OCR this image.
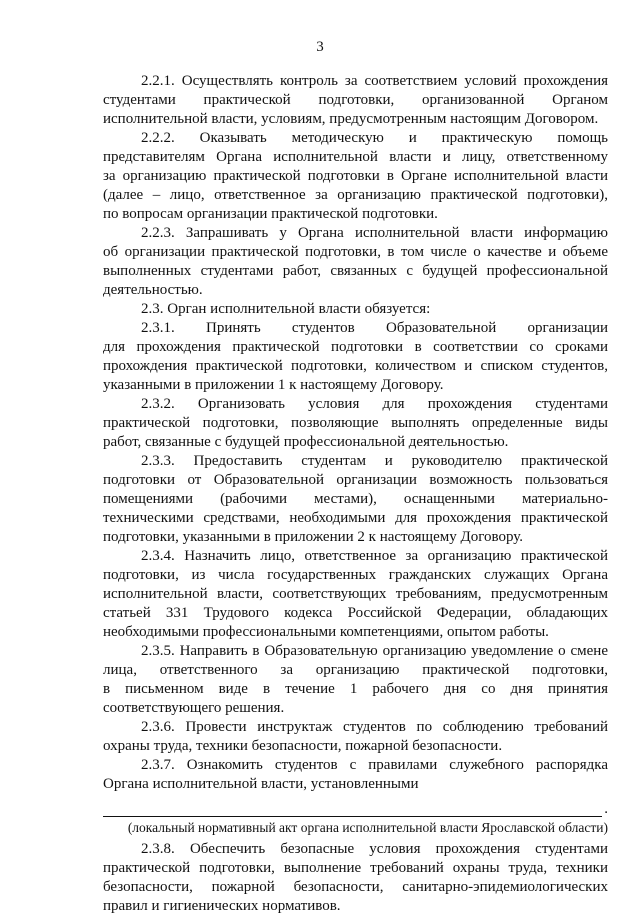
3

2.2.1. Осуществлять контроль за соответствием условий прохождения

студентами практической подготовки, организованной Органом

исполнительной власти, условиям, предусмотренным настоящим Договором.

2.2.2. Оказывать методическую и практическую помощь

представителям Органа исполнительной власти и лицу, ответственному

за организацию практической подготовки в Органе исполнительной власти

(далее – лицо, ответственное за организацию практической подготовки),

по вопросам организации практической подготовки.

2.2.3. Запрашивать у Органа исполнительной власти информацию

об организации практической подготовки, в том числе о качестве и объеме

выполненных студентами работ, связанных с будущей профессиональной

деятельностью.

2.3. Орган исполнительной власти обязуется:

2.3.1. Принять студентов Образовательной организации

для прохождения практической подготовки в соответствии со сроками

прохождения практической подготовки, количеством и списком студентов,

указанными в приложении 1 к настоящему Договору.

2.3.2. Организовать условия для прохождения студентами

практической подготовки, позволяющие выполнять определенные виды

работ, связанные с будущей профессиональной деятельностью.

2.3.3. Предоставить студентам и руководителю практической

подготовки от Образовательной организации возможность пользоваться

помещениями (рабочими местами), оснащенными материально-

техническими средствами, необходимыми для прохождения практической

подготовки, указанными в приложении 2 к настоящему Договору.

2.3.4. Назначить лицо, ответственное за организацию практической

подготовки, из числа государственных гражданских служащих Органа

исполнительной власти, соответствующих требованиям, предусмотренным

статьей 331 Трудового кодекса Российской Федерации, обладающих

необходимыми профессиональными компетенциями, опытом работы.

2.3.5. Направить в Образовательную организацию уведомление о смене

лица, ответственного за организацию практической подготовки,

в письменном виде в течение 1 рабочего дня со дня принятия

соответствующего решения.

2.3.6. Провести инструктаж студентов по соблюдению требований

охраны труда, техники безопасности, пожарной безопасности.

2.3.7. Ознакомить студентов с правилами служебного распорядка

Органа исполнительной власти, установленными

.

(локальный нормативный акт органа исполнительной власти Ярославской области)

2.3.8. Обеспечить безопасные условия прохождения студентами

практической подготовки, выполнение требований охраны труда, техники

безопасности, пожарной безопасности, санитарно-эпидемиологических

правил и гигиенических нормативов.
